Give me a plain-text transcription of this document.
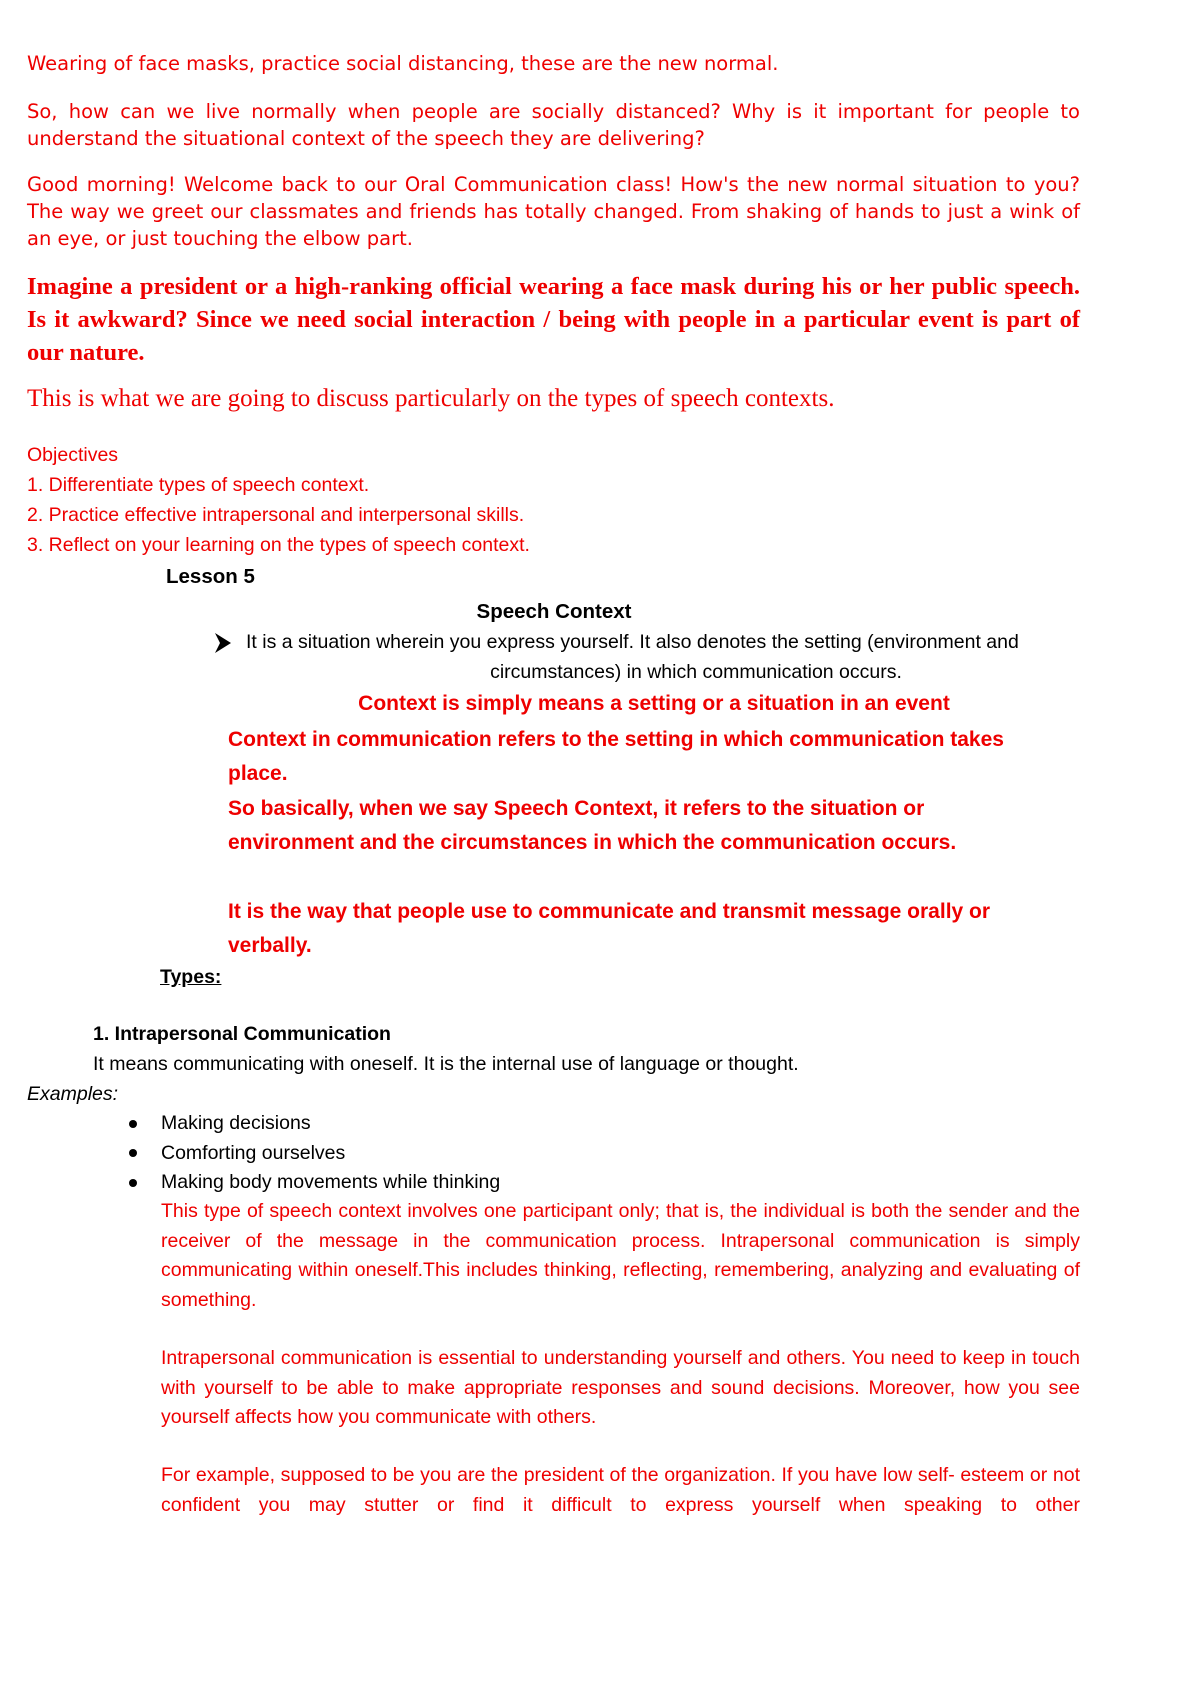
Wearing of face masks, practice social distancing, these are the new normal.

So, how can we live normally when people are socially distanced? Why is it important for people to understand the situational context of the speech they are delivering?

Good morning! Welcome back to our Oral Communication class! How's the new normal situation to you? The way we greet our classmates and friends has totally changed. From shaking of hands to just a wink of an eye, or just touching the elbow part.

Imagine a president or a high-ranking official wearing a face mask during his or her public speech. Is it awkward? Since we need social interaction / being with people in a particular event is part of our nature.

This is what we are going to discuss particularly on the types of speech contexts.

Objectives

1. Differentiate types of speech context.

2. Practice effective intrapersonal and interpersonal skills.

3. Reflect on your learning on the types of speech context.

Lesson 5

Speech Context

It is a situation wherein you express yourself. It also denotes the setting (environment and

circumstances) in which communication occurs.

Context is simply means a setting or a situation in an event

Context in communication refers to the setting in which communication takes

place.

So basically, when we say Speech Context, it refers to the situation or

environment and the circumstances in which the communication occurs.

It is the way that people use to communicate and transmit message orally or

verbally.

Types:

1. Intrapersonal Communication

It means communicating with oneself. It is the internal use of language or thought.

Examples:

Making decisions

Comforting ourselves

Making body movements while thinking

This type of speech context involves one participant only; that is, the individual is both the sender and the receiver of the message in the communication process. Intrapersonal communication is simply communicating within oneself.This includes thinking, reflecting, remembering, analyzing and evaluating of something.

Intrapersonal communication is essential to understanding yourself and others. You need to keep in touch with yourself to be able to make appropriate responses and sound decisions. Moreover, how you see yourself affects how you communicate with others.

For example, supposed to be you are the president of the organization. If you have low self- esteem or not confident you may stutter or find it difficult to express yourself when speaking to other
